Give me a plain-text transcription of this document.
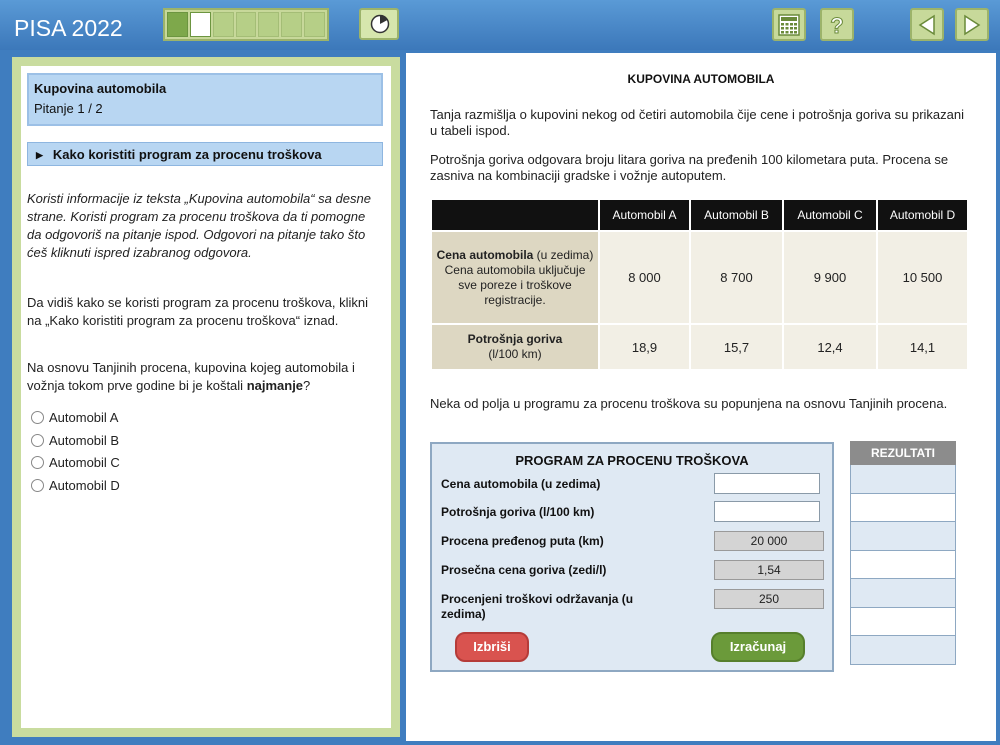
PISA 2022	?
Kupovina automobila
Pitanje 1 / 2
▶ Kako koristiti program za procenu troškova
Koristi informacije iz teksta „Kupovina automobila“ sa desne strane. Koristi program za procenu troškova da ti pomogne da odgovoriš na pitanje ispod. Odgovori na pitanje tako što ćeš kliknuti ispred izabranog odgovora.
Da vidiš kako se koristi program za procenu troškova, klikni na „Kako koristiti program za procenu troškova“ iznad.
Na osnovu Tanjinih procena, kupovina kojeg automobila i vožnja tokom prve godine bi je koštali najmanje?
Automobil A
Automobil B
Automobil C
Automobil D
KUPOVINA AUTOMOBILA
Tanja razmišlja o kupovini nekog od četiri automobila čije cene i potrošnja goriva su prikazani u tabeli ispod.
Potrošnja goriva odgovara broju litara goriva na pređenih 100 kilometara puta. Procena se zasniva na kombinaciji gradske i vožnje autoputem.
	Automobil A	Automobil B	Automobil C	Automobil D
Cena automobila (u zedima)
Cena automobila uključuje sve poreze i troškove registracije.	8 000	8 700	9 900	10 500
Potrošnja goriva
(l/100 km)	18,9	15,7	12,4	14,1
Neka od polja u programu za procenu troškova su popunjena na osnovu Tanjinih procena.
PROGRAM ZA PROCENU TROŠKOVA
Cena automobila (u zedima)
Potrošnja goriva (l/100 km)
Procena pređenog puta (km)	20 000
Prosečna cena goriva (zedi/l)	1,54
Procenjeni troškovi održavanja (u zedima)
250
Izbriši	Izračunaj
REZULTATI
